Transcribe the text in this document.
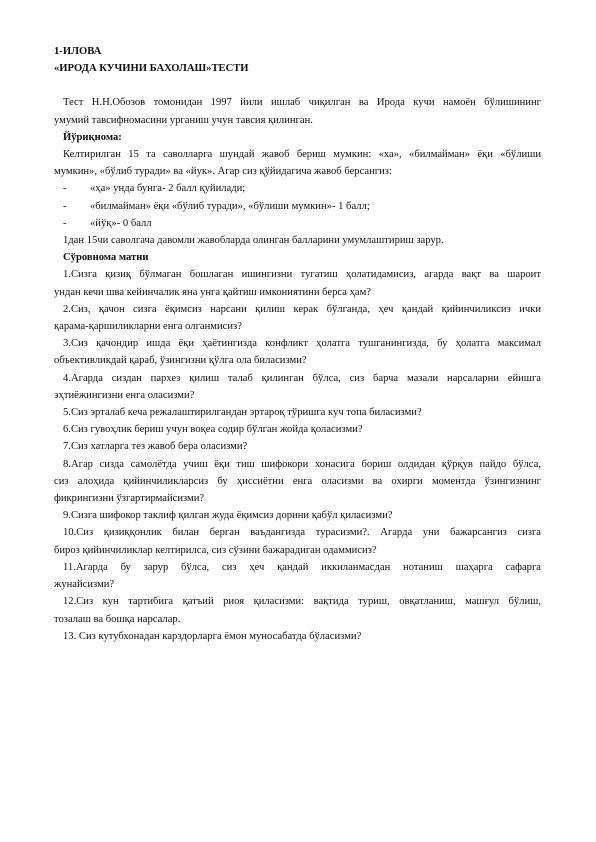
1-ИЛОВА
«ИРОДА КУЧИНИ БАХОЛАШ»ТЕСТИ
Тест Н.Н.Обозов томонидан 1997 йили ишлаб чиқилган ва Ирода кучи намоён бўлишининг
умумий тавсифномасини урганиш учун тавсия қилинган.
Йўриқнома:
Келтирилган 15 та саволларга шундай жавоб бериш мумкин: «ха», «билмайман» ёқи «бўлиши
мумкин», «бўлиб туради» ва «йук». Агар сиз қўйидагича жавоб берсангиз:
-	«ҳа» унда бунга- 2 балл қуйилади;
-	«билмайман» ёқи «бўлиб туради», «бўлиши мумкин»- 1 балл;
-	«йўқ»- 0 балл
1дан 15чи саволгача давомли жавобларда олинган балларини умумлаштириш зарур.
Сўровнома матни
1.Сизга қизиқ бўлмаган бошлаган ишингизни тугатиш ҳолатидамисиз, агарда вақт ва шароит
ундан кечи шва кейинчалик яна унга қайтиш имкониятини берса ҳам?
2.Сиз, қачон сизга ёқимсиз нарсани қилиш керак бўлганда, ҳеч қандай қийинчиликсиз ички
қарама-қаршиликларни енга олганмисиз?
3.Сиз қачондир ишда ёқи ҳаётингизда конфликт ҳолатга тушганингизда, бу ҳолатга максимал
объективликдай қараб, ўзингизни қўлга ола биласизми?
4.Агарда сиздан пархез қилиш талаб қилинган бўлса, сиз барча мазали нарсаларни ейишга
эҳтиёжингизни енга оласизми?
5.Сиз эрталаб кеча режалаштирилгандан эртароқ тўришга куч топа биласизми?
6.Сиз гувоҳлик бериш учун воқеа содир бўлган жойда қоласизми?
7.Сиз хатларга тез жавоб бера оласизми?
8.Агар сизда самолётда учиш ёқи тиш шифокори хонасига бориш олдидан қўрқув пайдо бўлса,
сиз алоҳида қийинчиликларсиз бу ҳиссиётни енга оласизми ва охирги моментда ўзингизнинг
фикрингизни ўзгартирмайсизми?
9.Сизга шифокор таклиф қилган жуда ёқимсиз дорини қабўл қиласизми?
10.Сиз қизиққонлик билан берган ваъдангизда турасизми?. Агарда уни бажарсангиз сизга
бироз қийинчиликлар келтирилса, сиз сўзини бажарадиган одаммисиз?
11.Агарда бу зарур бўлса, сиз ҳеч қандай иккиланмасдан нотаниш шаҳарга сафарга
жунайсизми?
12.Сиз кун тартибига қатъий риоя қиласизми: вақтида туриш, овқатланиш, машғул бўлиш,
тозалаш ва бошқа нарсалар.
13. Сиз кутубхонадан карздорларга ёмон муносабатда бўласизми?
